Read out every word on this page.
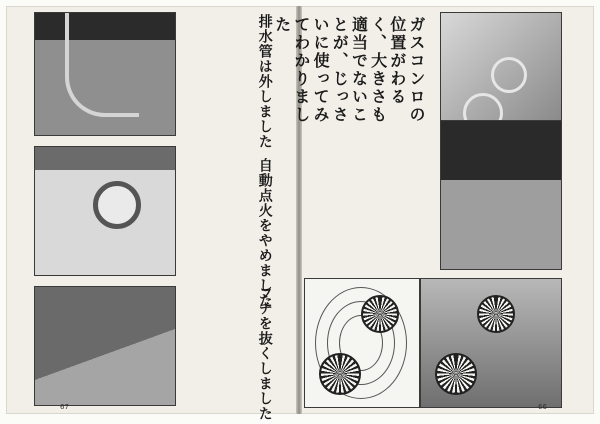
排水管は外しました
自動点火をやめました
フチを抜くしました
ガスコンロの位置がわるく、大きさも適当でないことが、じっさいに使ってみてわかりました
67	66
